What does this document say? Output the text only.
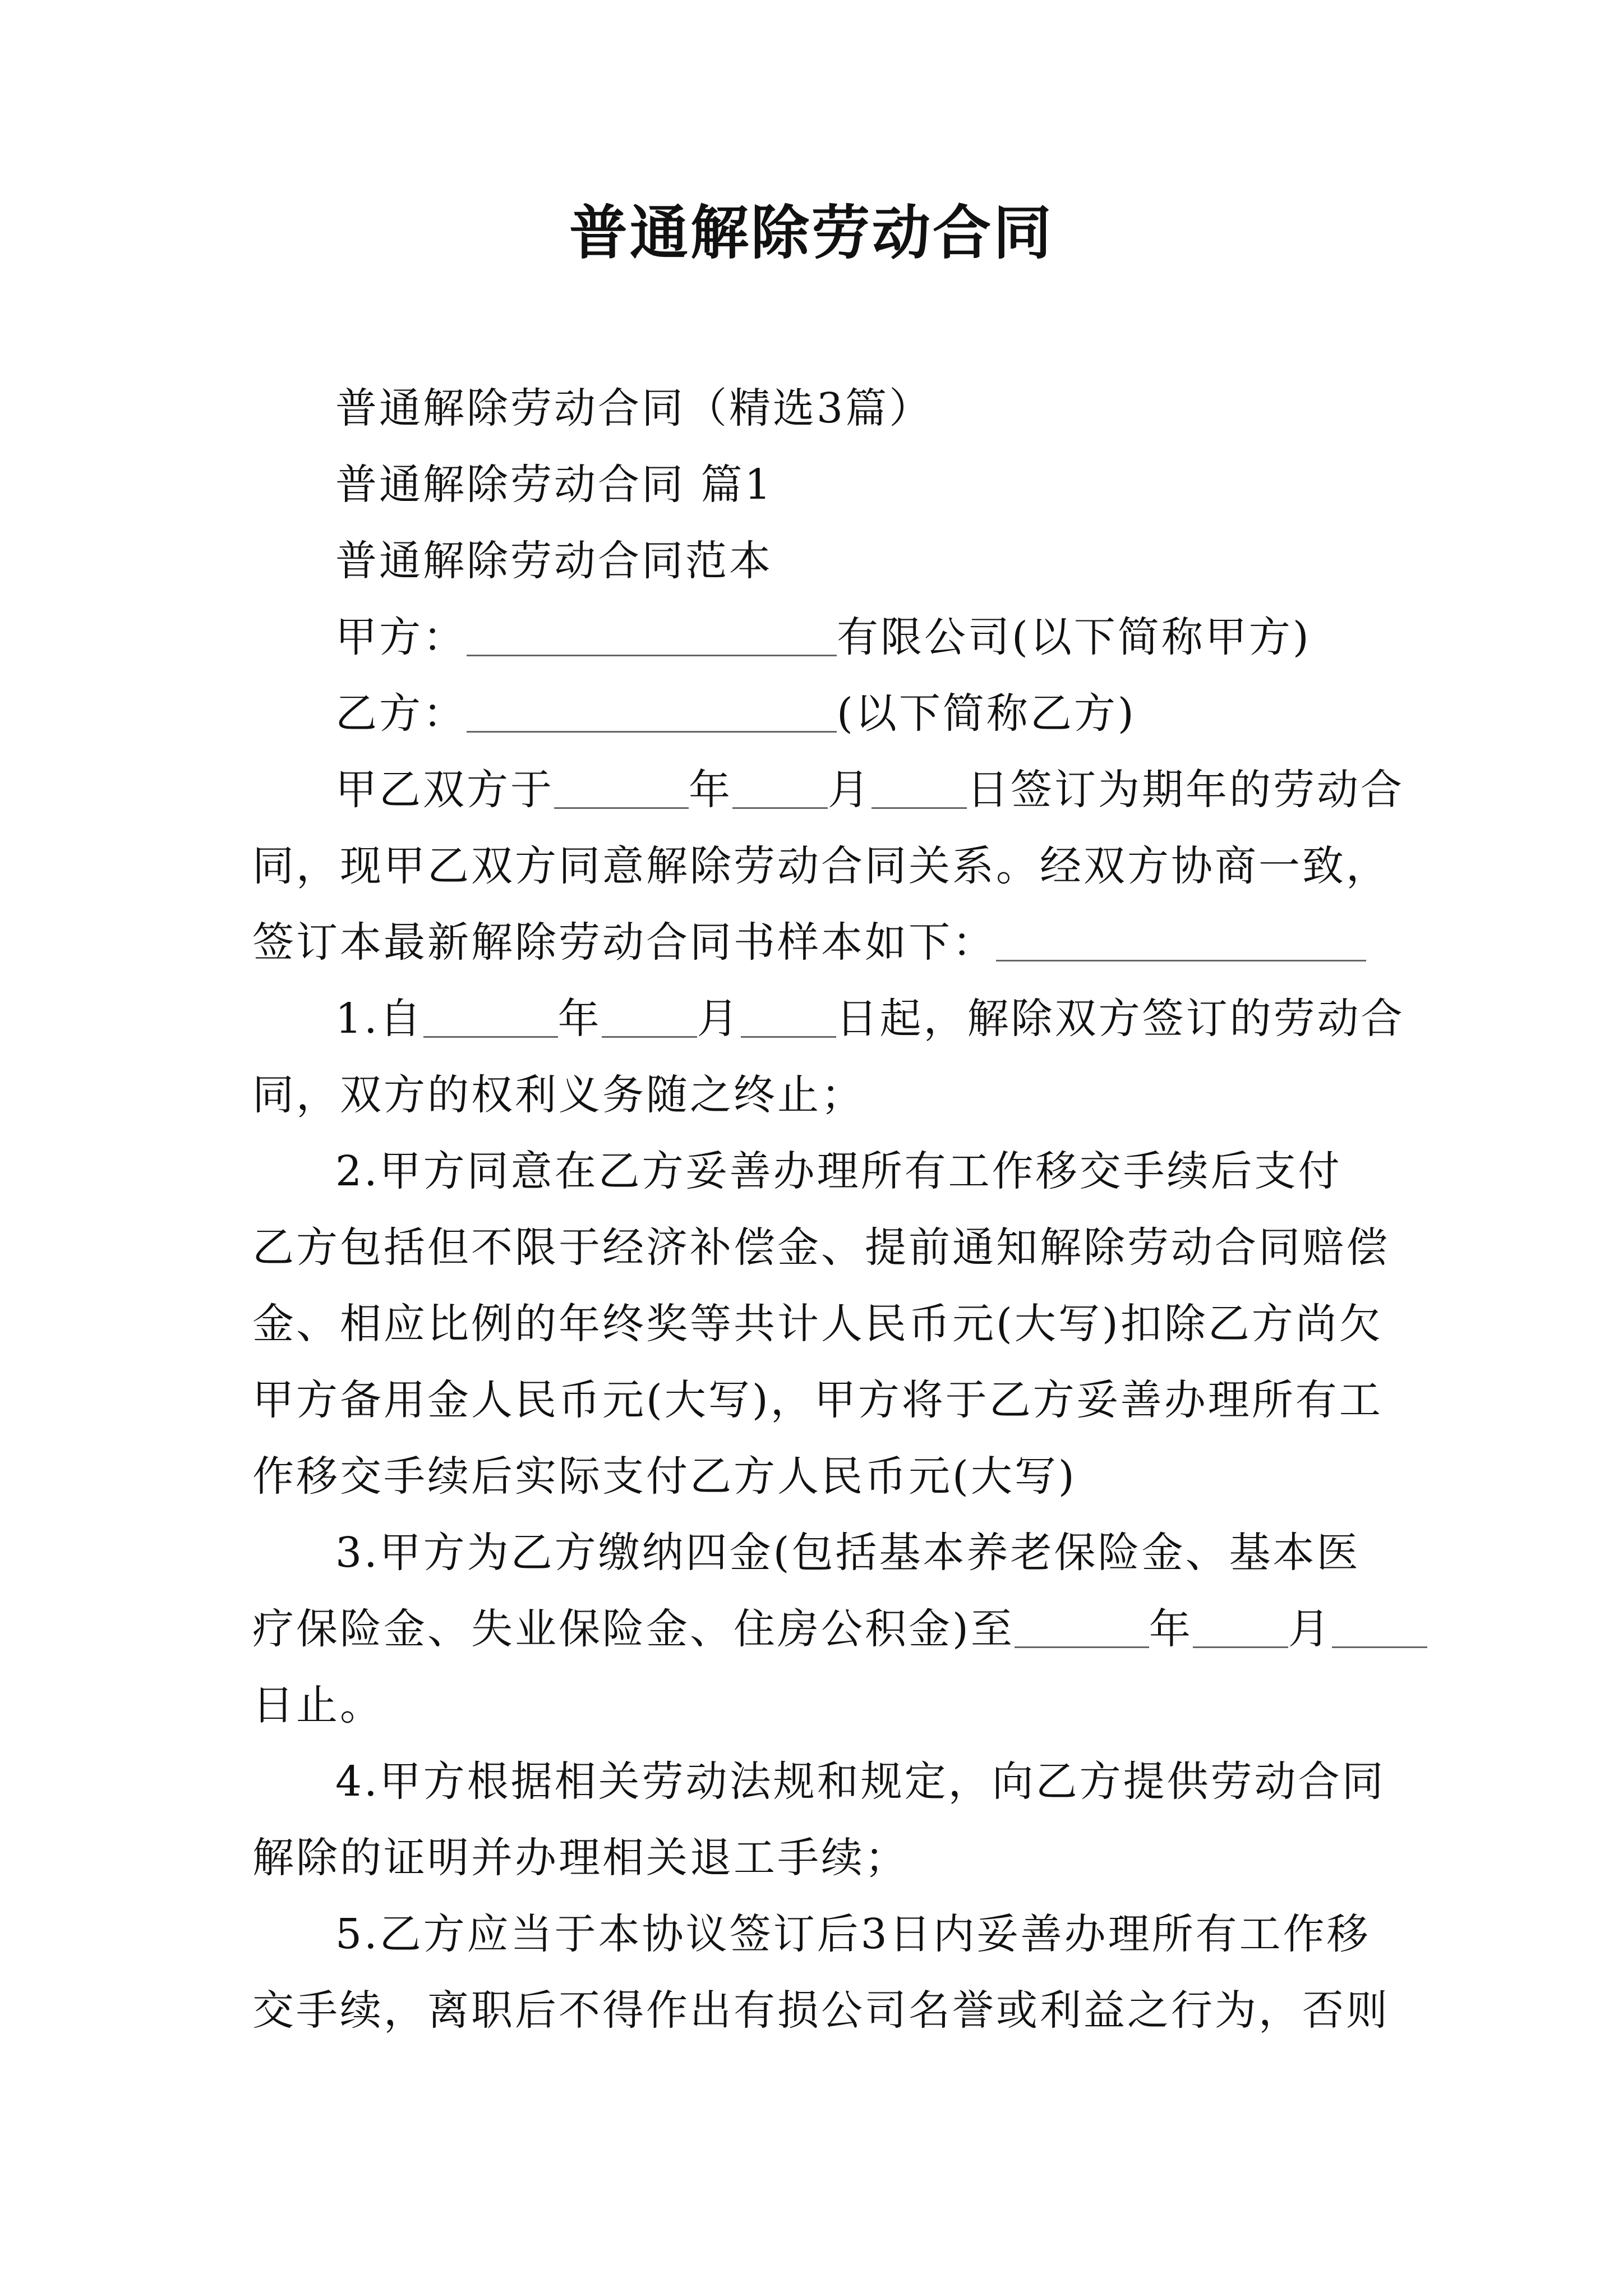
普通解除劳动合同

普通解除劳动合同（精选3篇）

普通解除劳动合同 篇1

普通解除劳动合同范本

甲方：	有限公司(以下简称甲方)

乙方：	(以下简称乙方)

甲乙双方于	年 月 日签订为期年的劳动合

同，现甲乙双方同意解除劳动合同关系。经双方协商一致，

签订本最新解除劳动合同书样本如下：

1.自	年 月 日起，解除双方签订的劳动合

同，双方的权利义务随之终止；

2.甲方同意在乙方妥善办理所有工作移交手续后支付

乙方包括但不限于经济补偿金、提前通知解除劳动合同赔偿

金、相应比例的年终奖等共计人民币元(大写)扣除乙方尚欠

甲方备用金人民币元(大写)，甲方将于乙方妥善办理所有工

作移交手续后实际支付乙方人民币元(大写)

3.甲方为乙方缴纳四金(包括基本养老保险金、基本医

疗保险金、失业保险金、住房公积金)至	年 月

日止。

4.甲方根据相关劳动法规和规定，向乙方提供劳动合同

解除的证明并办理相关退工手续；

5.乙方应当于本协议签订后3日内妥善办理所有工作移

交手续，离职后不得作出有损公司名誉或利益之行为，否则
